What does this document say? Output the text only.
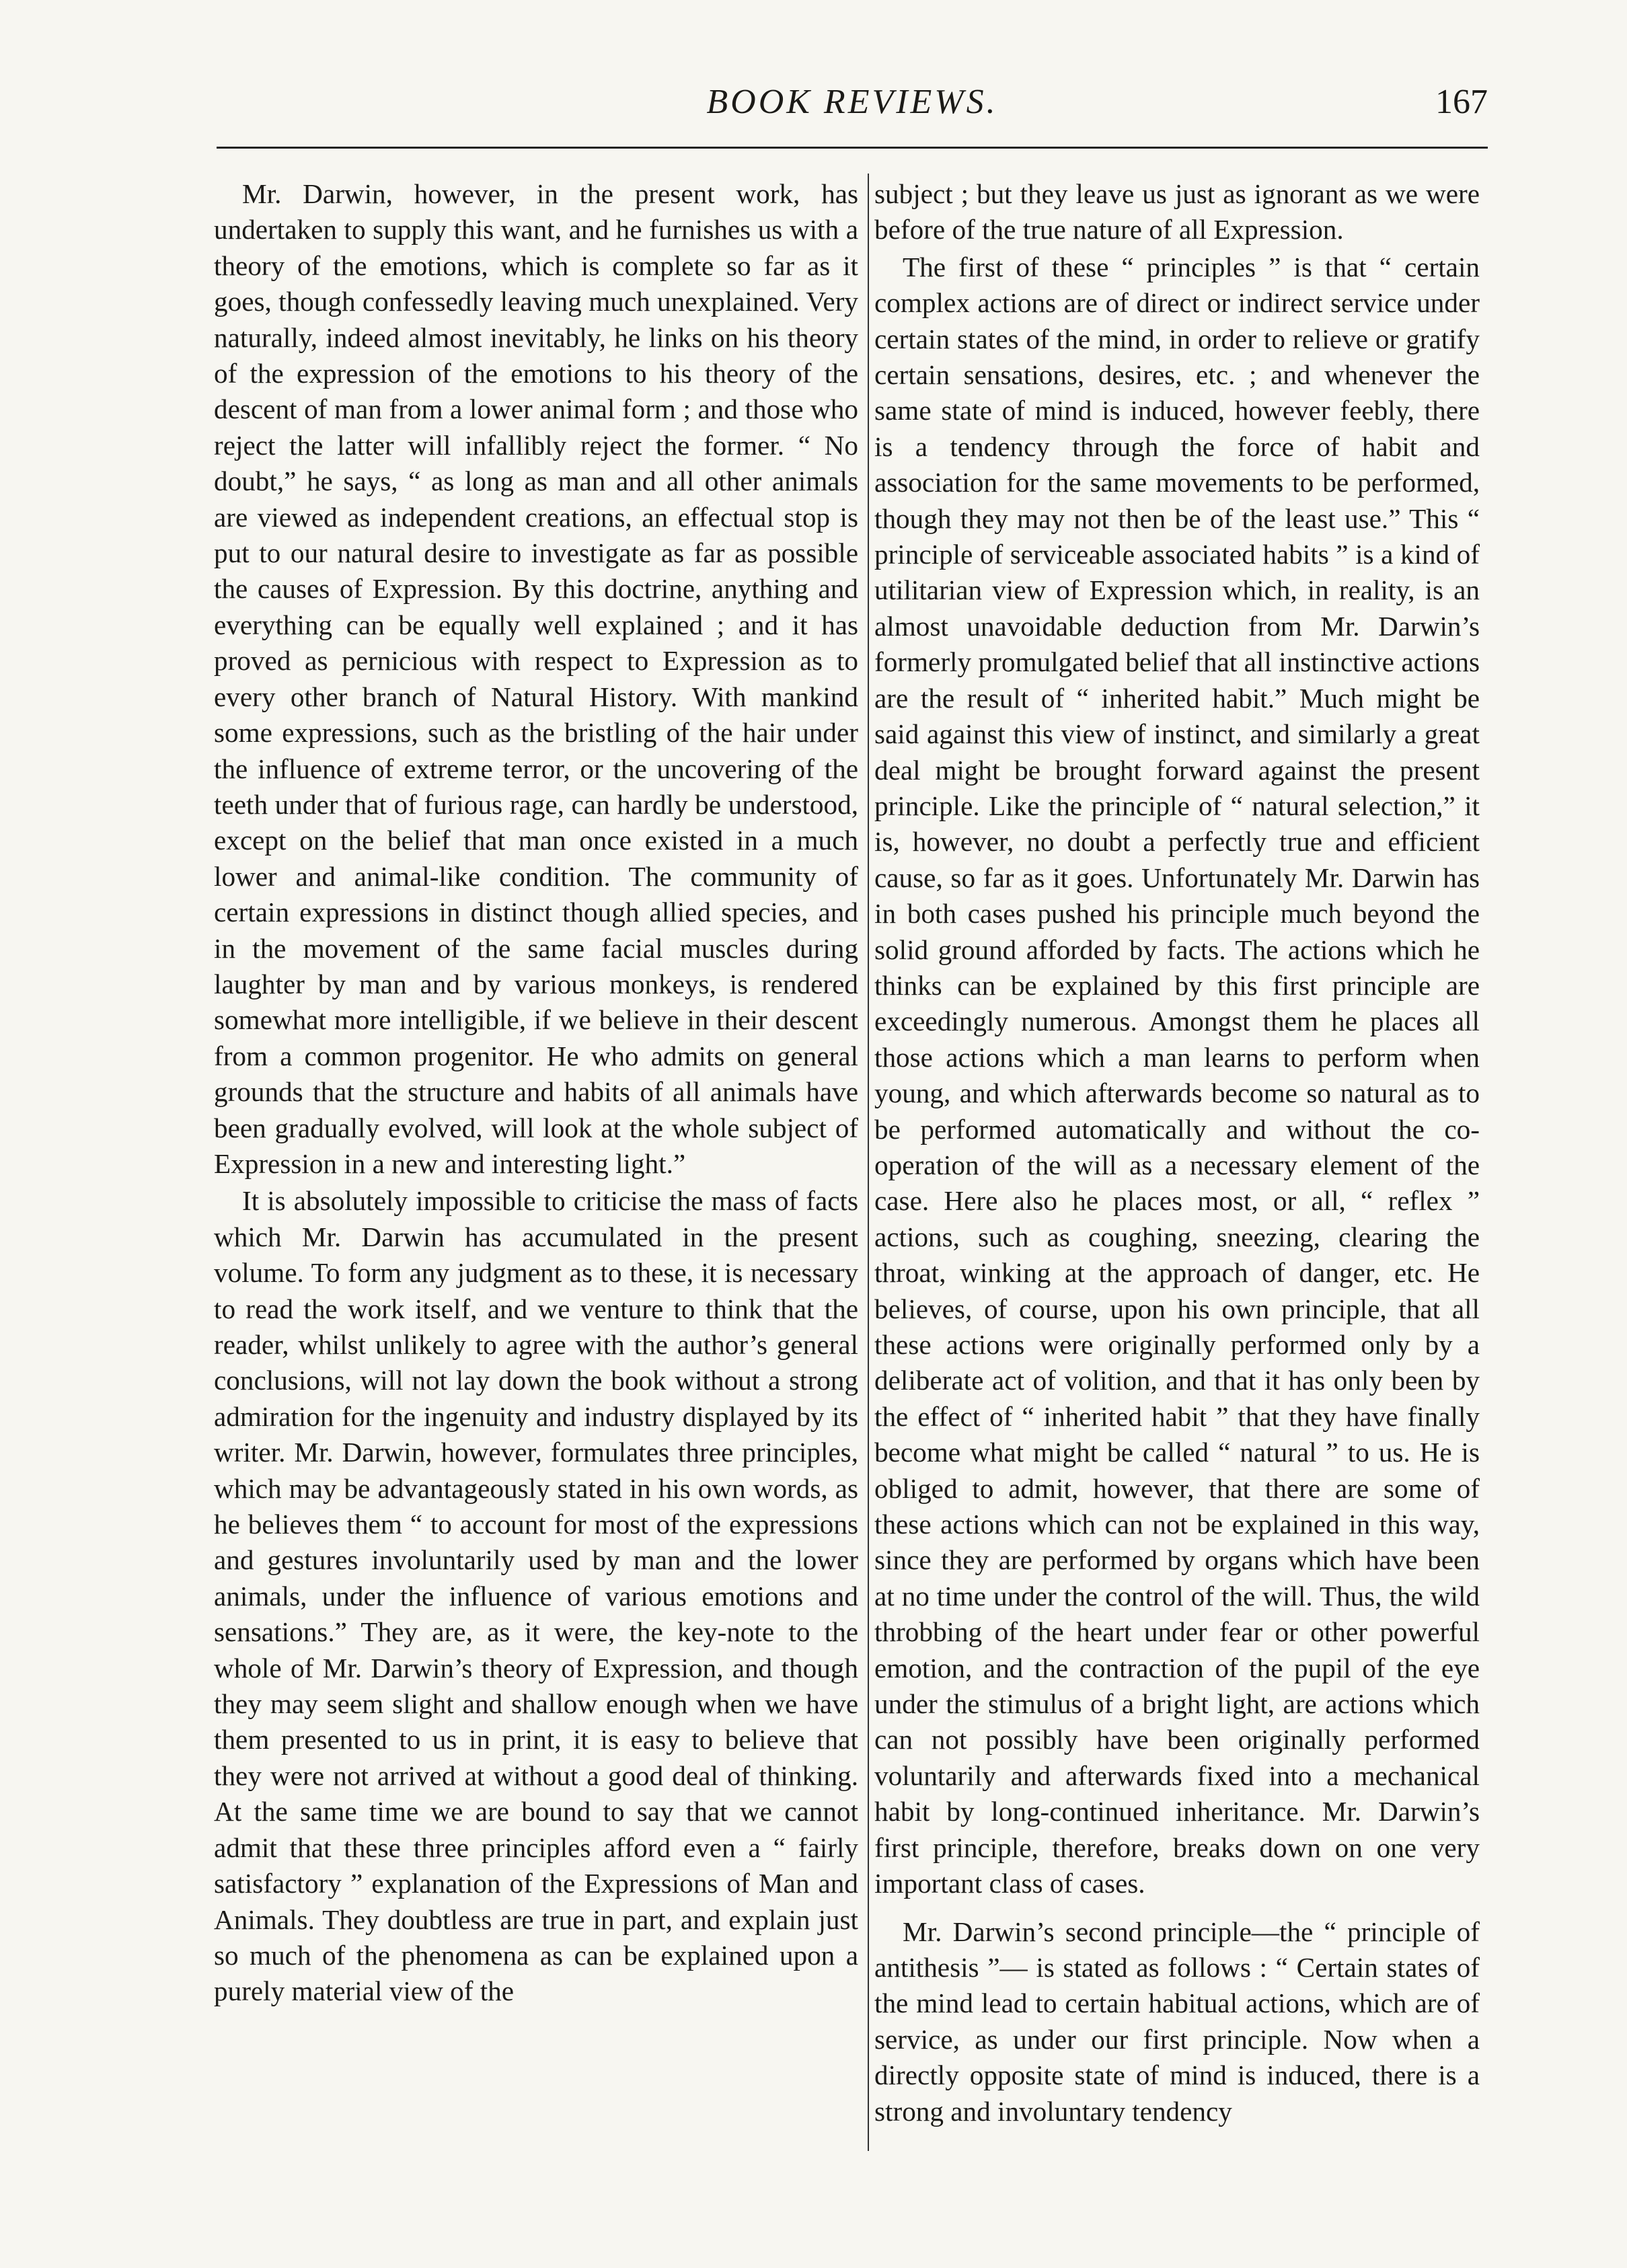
BOOK REVIEWS.	167

Mr. Darwin, however, in the present work, has undertaken to supply this want, and he furnishes us with a theory of the emotions, which is complete so far as it goes, though confessedly leaving much unexplained. Very naturally, indeed almost inevitably, he links on his theory of the expression of the emotions to his theory of the descent of man from a lower animal form ; and those who reject the latter will infallibly reject the former. “ No doubt,” he says, “ as long as man and all other animals are viewed as independent creations, an effectual stop is put to our natural desire to investigate as far as possible the causes of Expression. By this doctrine, anything and everything can be equally well explained ; and it has proved as pernicious with respect to Expression as to every other branch of Natural History. With mankind some expressions, such as the bristling of the hair under the influence of extreme terror, or the uncovering of the teeth under that of furious rage, can hardly be understood, except on the belief that man once existed in a much lower and animal-like condition. The community of certain expressions in distinct though allied species, and in the movement of the same facial muscles during laughter by man and by various monkeys, is rendered somewhat more intelligible, if we believe in their descent from a common progenitor. He who admits on general grounds that the structure and habits of all animals have been gradually evolved, will look at the whole subject of Expression in a new and interesting light.”

It is absolutely impossible to criticise the mass of facts which Mr. Darwin has accumulated in the present volume. To form any judgment as to these, it is necessary to read the work itself, and we venture to think that the reader, whilst unlikely to agree with the author’s general conclusions, will not lay down the book without a strong admiration for the ingenuity and industry displayed by its writer. Mr. Darwin, however, formulates three principles, which may be advantageously stated in his own words, as he believes them “ to account for most of the expressions and gestures involuntarily used by man and the lower animals, under the influence of various emotions and sensations.” They are, as it were, the key-note to the whole of Mr. Darwin’s theory of Expression, and though they may seem slight and shallow enough when we have them presented to us in print, it is easy to believe that they were not arrived at without a good deal of thinking. At the same time we are bound to say that we cannot admit that these three principles afford even a “ fairly satisfactory ” explanation of the Expressions of Man and Animals. They doubtless are true in part, and explain just so much of the phenomena as can be explained upon a purely material view of the

subject ; but they leave us just as ignorant as we were before of the true nature of all Expression.

The first of these “ principles ” is that “ certain complex actions are of direct or indirect service under certain states of the mind, in order to relieve or gratify certain sensations, desires, etc. ; and whenever the same state of mind is induced, however feebly, there is a tendency through the force of habit and association for the same movements to be performed, though they may not then be of the least use.” This “ principle of serviceable associated habits ” is a kind of utilitarian view of Expression which, in reality, is an almost unavoidable deduction from Mr. Darwin’s formerly promulgated belief that all instinctive actions are the result of “ inherited habit.” Much might be said against this view of instinct, and similarly a great deal might be brought forward against the present principle. Like the principle of “ natural selection,” it is, however, no doubt a perfectly true and efficient cause, so far as it goes. Unfortunately Mr. Darwin has in both cases pushed his principle much beyond the solid ground afforded by facts. The actions which he thinks can be explained by this first principle are exceedingly numerous. Amongst them he places all those actions which a man learns to perform when young, and which afterwards become so natural as to be performed automatically and without the co-operation of the will as a necessary element of the case. Here also he places most, or all, “ reflex ” actions, such as coughing, sneezing, clearing the throat, winking at the approach of danger, etc. He believes, of course, upon his own principle, that all these actions were originally performed only by a deliberate act of volition, and that it has only been by the effect of “ inherited habit ” that they have finally become what might be called “ natural ” to us. He is obliged to admit, however, that there are some of these actions which can not be explained in this way, since they are performed by organs which have been at no time under the control of the will. Thus, the wild throbbing of the heart under fear or other powerful emotion, and the contraction of the pupil of the eye under the stimulus of a bright light, are actions which can not possibly have been originally performed voluntarily and afterwards fixed into a mechanical habit by long-continued inheritance. Mr. Darwin’s first principle, therefore, breaks down on one very important class of cases.

Mr. Darwin’s second principle—the “ principle of antithesis ”— is stated as follows : “ Certain states of the mind lead to certain habitual actions, which are of service, as under our first principle. Now when a directly opposite state of mind is induced, there is a strong and involuntary tendency
